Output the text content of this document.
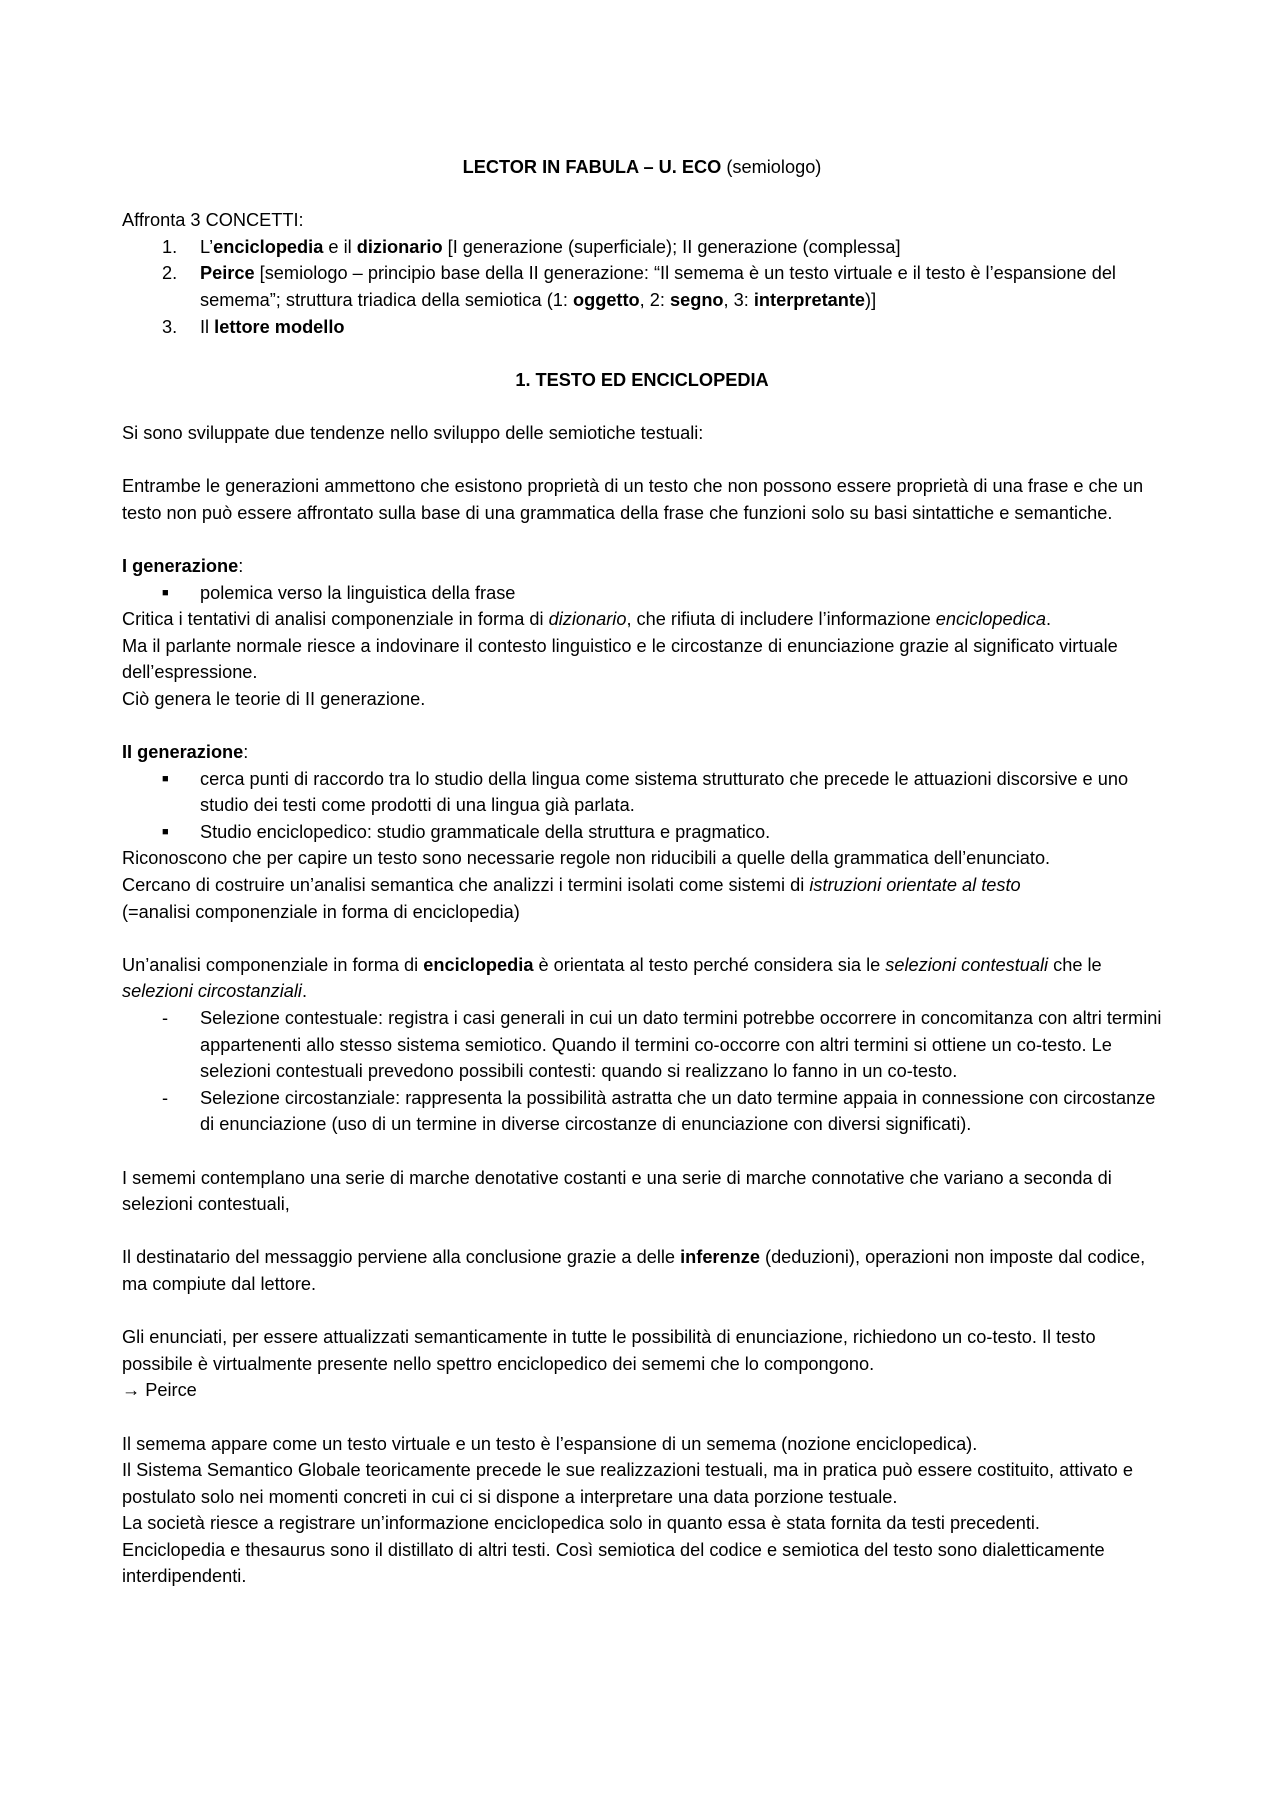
LECTOR IN FABULA – U. ECO (semiologo)

Affronta 3 CONCETTI:

1. L’enciclopedia e il dizionario [I generazione (superficiale); II generazione (complessa]
2. Peirce [semiologo – principio base della II generazione: “Il semema è un testo virtuale e il testo è l’espansione del semema”; struttura triadica della semiotica (1: oggetto, 2: segno, 3: interpretante)]
3. Il lettore modello
1. TESTO ED ENCICLOPEDIA

Si sono sviluppate due tendenze nello sviluppo delle semiotiche testuali:

Entrambe le generazioni ammettono che esistono proprietà di un testo che non possono essere proprietà di una frase e che un testo non può essere affrontato sulla base di una grammatica della frase che funzioni solo su basi sintattiche e semantiche.

I generazione:

■ polemica verso la linguistica della frase

Critica i tentativi di analisi componenziale in forma di dizionario, che rifiuta di includere l’informazione enciclopedica.

Ma il parlante normale riesce a indovinare il contesto linguistico e le circostanze di enunciazione grazie al significato virtuale dell’espressione.

Ciò genera le teorie di II generazione.

II generazione:

■ cerca punti di raccordo tra lo studio della lingua come sistema strutturato che precede le attuazioni discorsive e uno studio dei testi come prodotti di una lingua già parlata.
■ Studio enciclopedico: studio grammaticale della struttura e pragmatico.

Riconoscono che per capire un testo sono necessarie regole non riducibili a quelle della grammatica dell’enunciato.

Cercano di costruire un’analisi semantica che analizzi i termini isolati come sistemi di istruzioni orientate al testo

(=analisi componenziale in forma di enciclopedia)

Un’analisi componenziale in forma di enciclopedia è orientata al testo perché considera sia le selezioni contestuali che le selezioni circostanziali.

- Selezione contestuale: registra i casi generali in cui un dato termini potrebbe occorrere in concomitanza con altri termini appartenenti allo stesso sistema semiotico. Quando il termini co-occorre con altri termini si ottiene un co-testo. Le selezioni contestuali prevedono possibili contesti: quando si realizzano lo fanno in un co-testo.
- Selezione circostanziale: rappresenta la possibilità astratta che un dato termine appaia in connessione con circostanze di enunciazione (uso di un termine in diverse circostanze di enunciazione con diversi significati).

I sememi contemplano una serie di marche denotative costanti e una serie di marche connotative che variano a seconda di selezioni contestuali,

Il destinatario del messaggio perviene alla conclusione grazie a delle inferenze (deduzioni), operazioni non imposte dal codice, ma compiute dal lettore.

Gli enunciati, per essere attualizzati semanticamente in tutte le possibilità di enunciazione, richiedono un co-testo. Il testo possibile è virtualmente presente nello spettro enciclopedico dei sememi che lo compongono.

→ Peirce

Il semema appare come un testo virtuale e un testo è l’espansione di un semema (nozione enciclopedica).

Il Sistema Semantico Globale teoricamente precede le sue realizzazioni testuali, ma in pratica può essere costituito, attivato e postulato solo nei momenti concreti in cui ci si dispone a interpretare una data porzione testuale.

La società riesce a registrare un’informazione enciclopedica solo in quanto essa è stata fornita da testi precedenti.

Enciclopedia e thesaurus sono il distillato di altri testi. Così semiotica del codice e semiotica del testo sono dialetticamente interdipendenti.
